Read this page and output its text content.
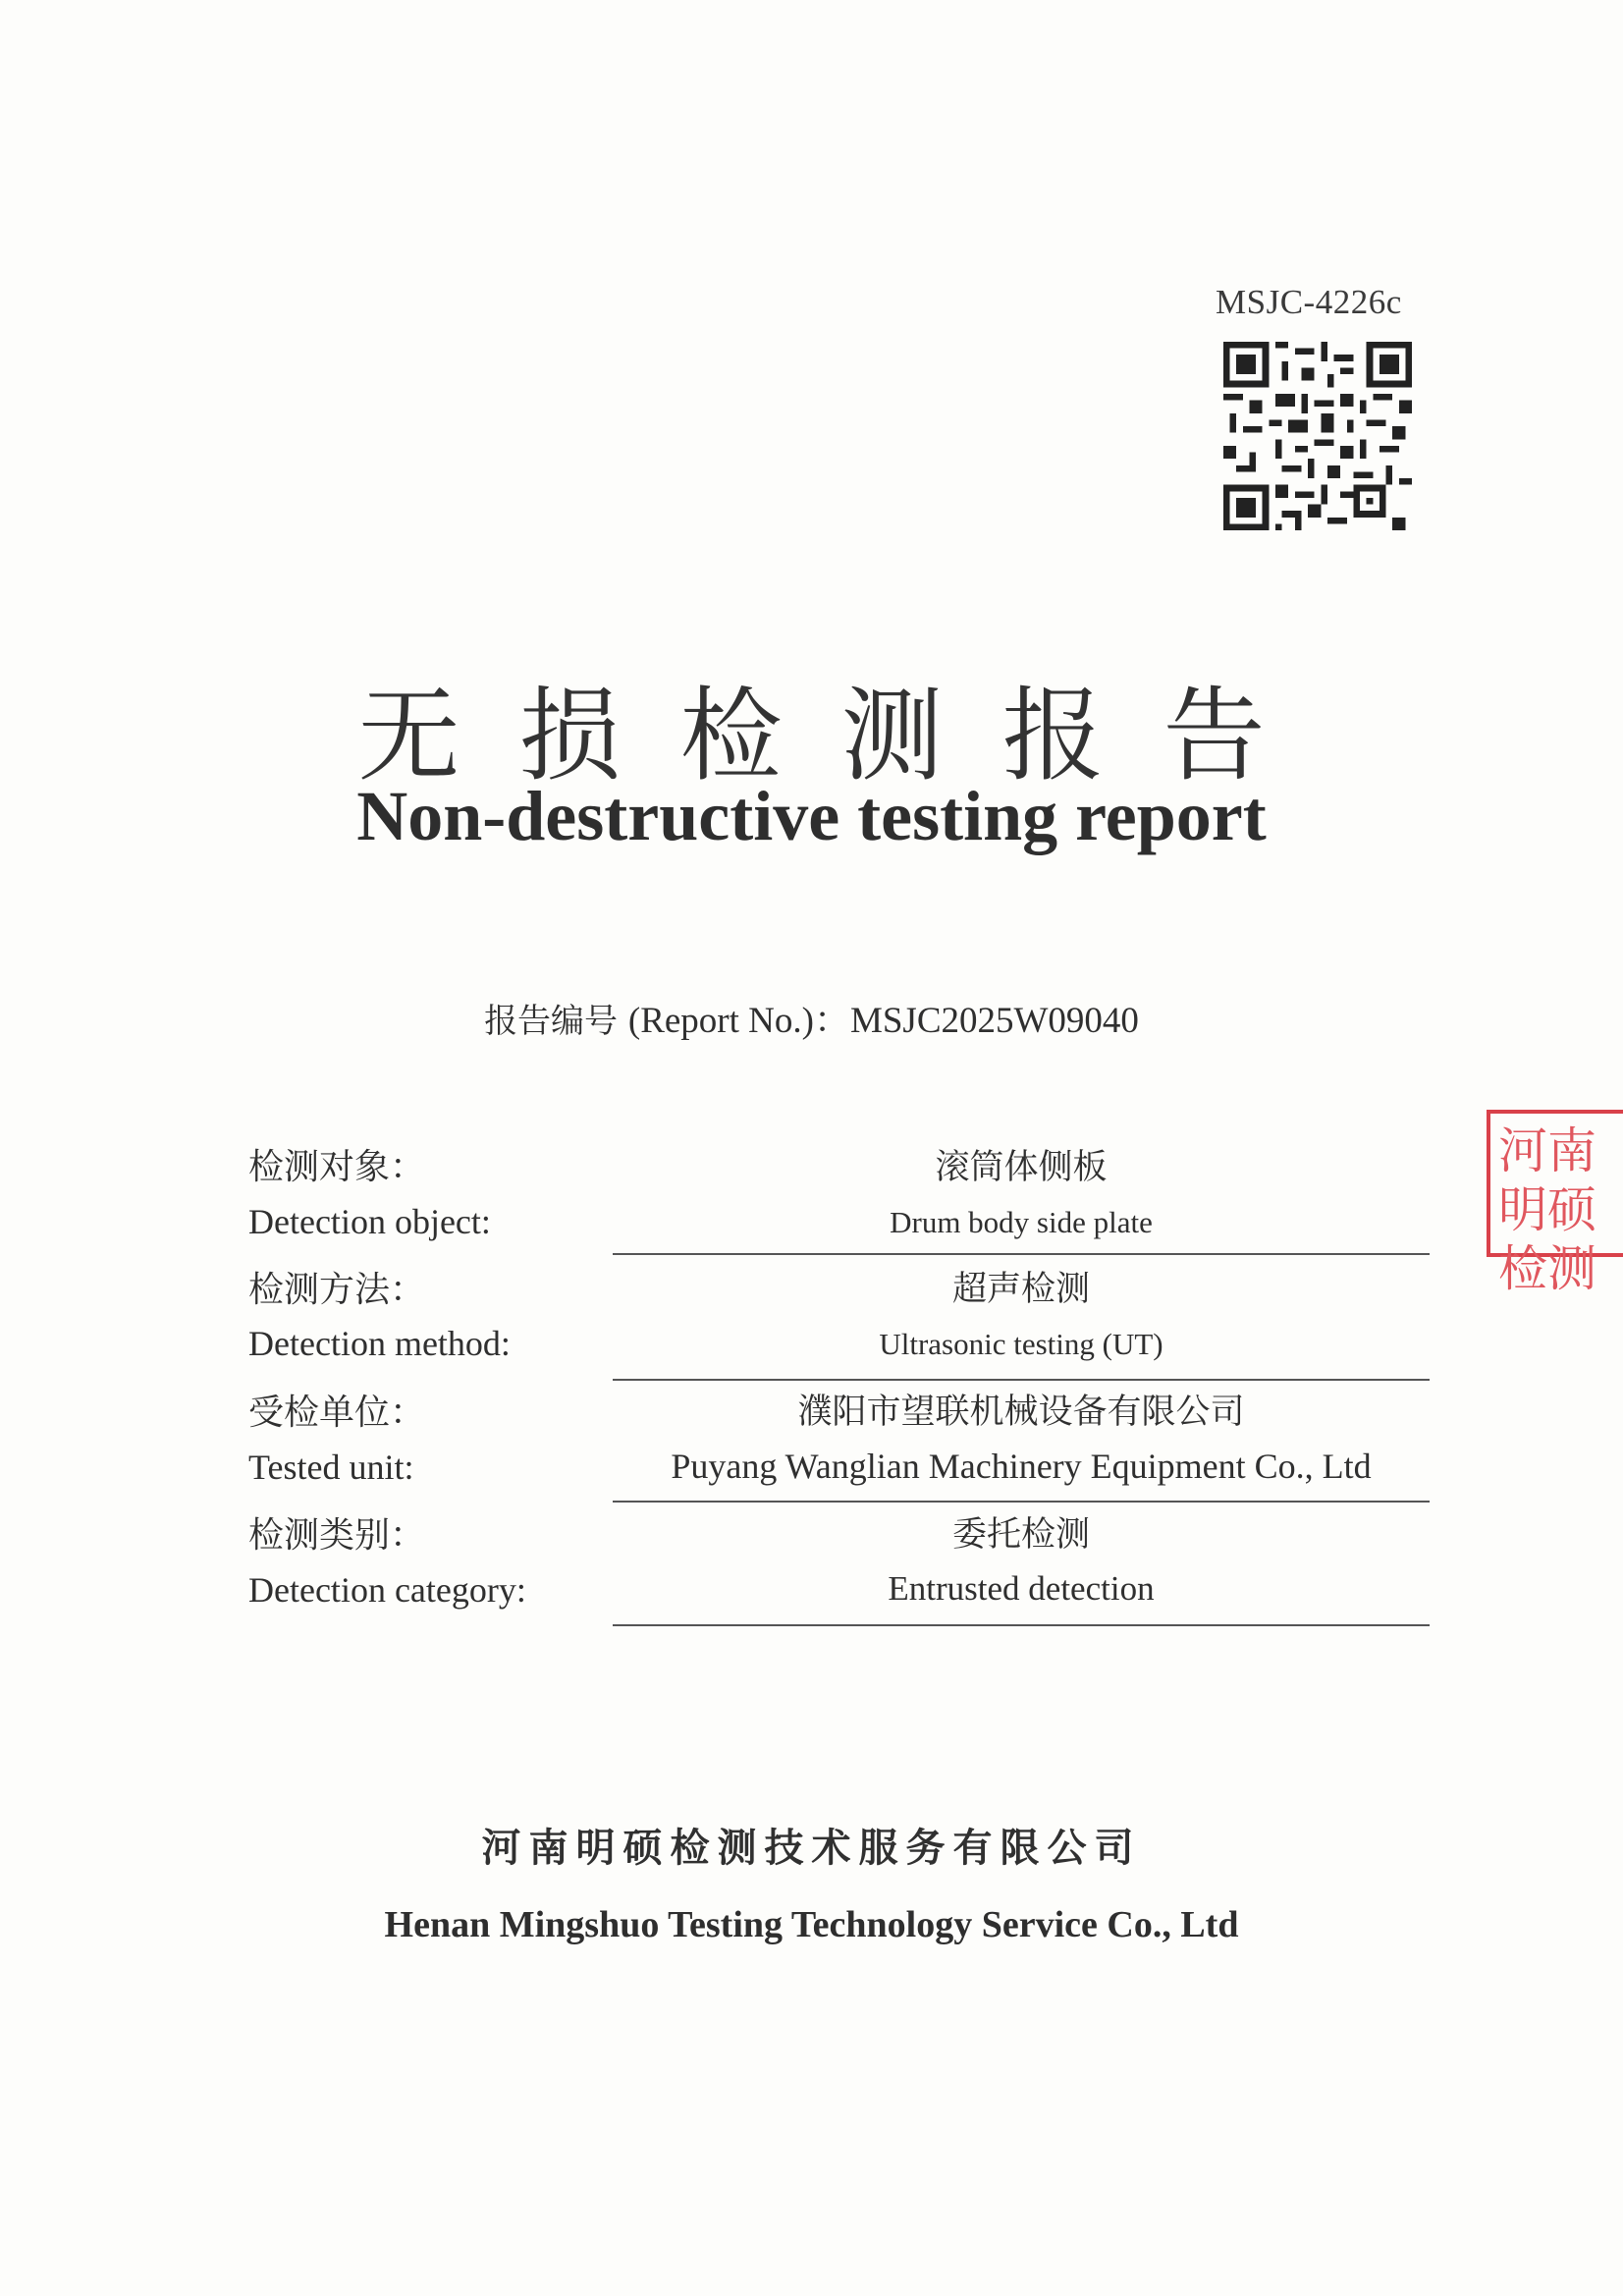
MSJC-4226c
无损检测报告
Non-destructive testing report
报告编号 (Report No.)：MSJC2025W09040
检测对象：
Detection object:
滚筒体侧板
Drum body side plate
检测方法：
Detection method:
超声检测
Ultrasonic testing (UT)
受检单位：
Tested unit:
濮阳市望联机械设备有限公司
Puyang Wanglian Machinery Equipment Co., Ltd
检测类别：
Detection category:
委托检测
Entrusted detection
河南明硕检测技术服务有限公司
Henan Mingshuo Testing Technology Service Co., Ltd
河南明硕检测
